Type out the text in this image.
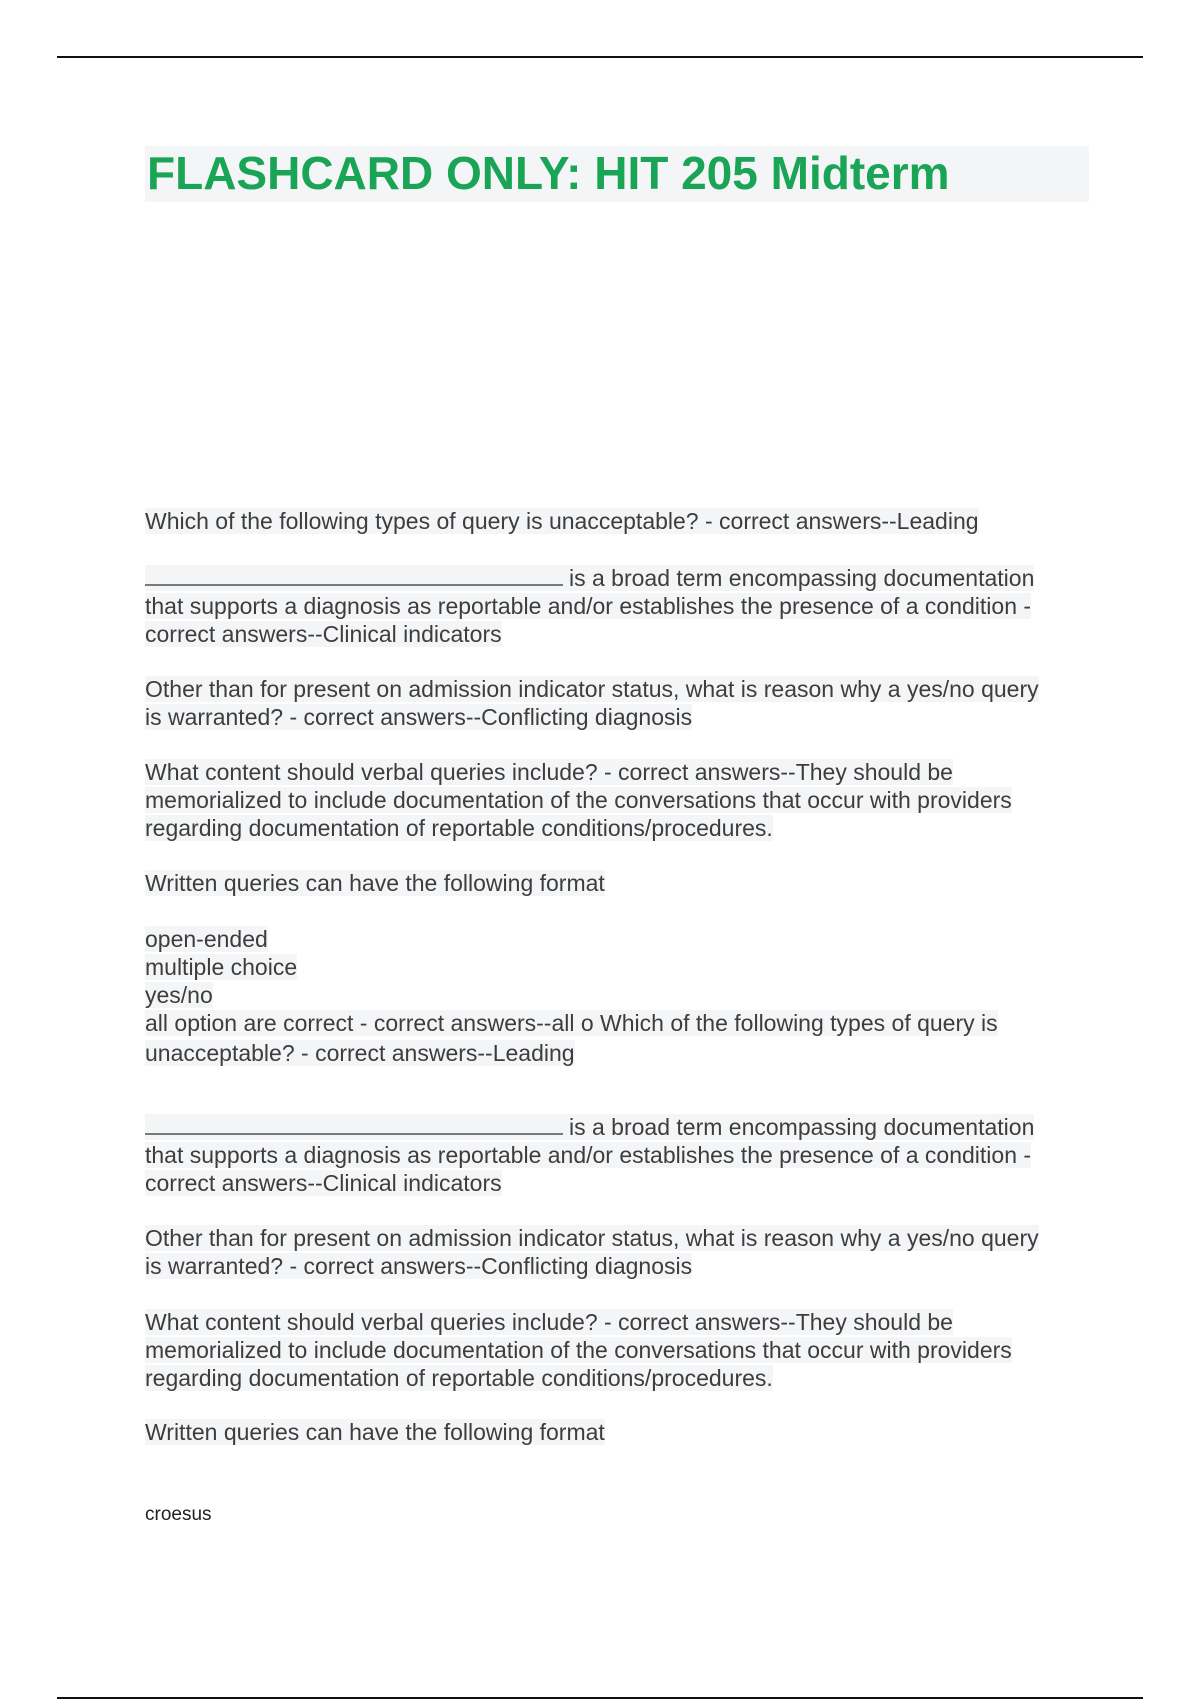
FLASHCARD ONLY: HIT 205 Midterm
Which of the following types of query is unacceptable? - correct answers--Leading
is a broad term encompassing documentation
that supports a diagnosis as reportable and/or establishes the presence of a condition -
correct answers--Clinical indicators
Other than for present on admission indicator status, what is reason why a yes/no query
is warranted? - correct answers--Conflicting diagnosis
What content should verbal queries include? - correct answers--They should be
memorialized to include documentation of the conversations that occur with providers
regarding documentation of reportable conditions/procedures.
Written queries can have the following format
open-ended
multiple choice
yes/no
all option are correct - correct answers--all o Which of the following types of query is
unacceptable? - correct answers--Leading
is a broad term encompassing documentation
that supports a diagnosis as reportable and/or establishes the presence of a condition -
correct answers--Clinical indicators
Other than for present on admission indicator status, what is reason why a yes/no query
is warranted? - correct answers--Conflicting diagnosis
What content should verbal queries include? - correct answers--They should be
memorialized to include documentation of the conversations that occur with providers
regarding documentation of reportable conditions/procedures.
Written queries can have the following format

croesus
